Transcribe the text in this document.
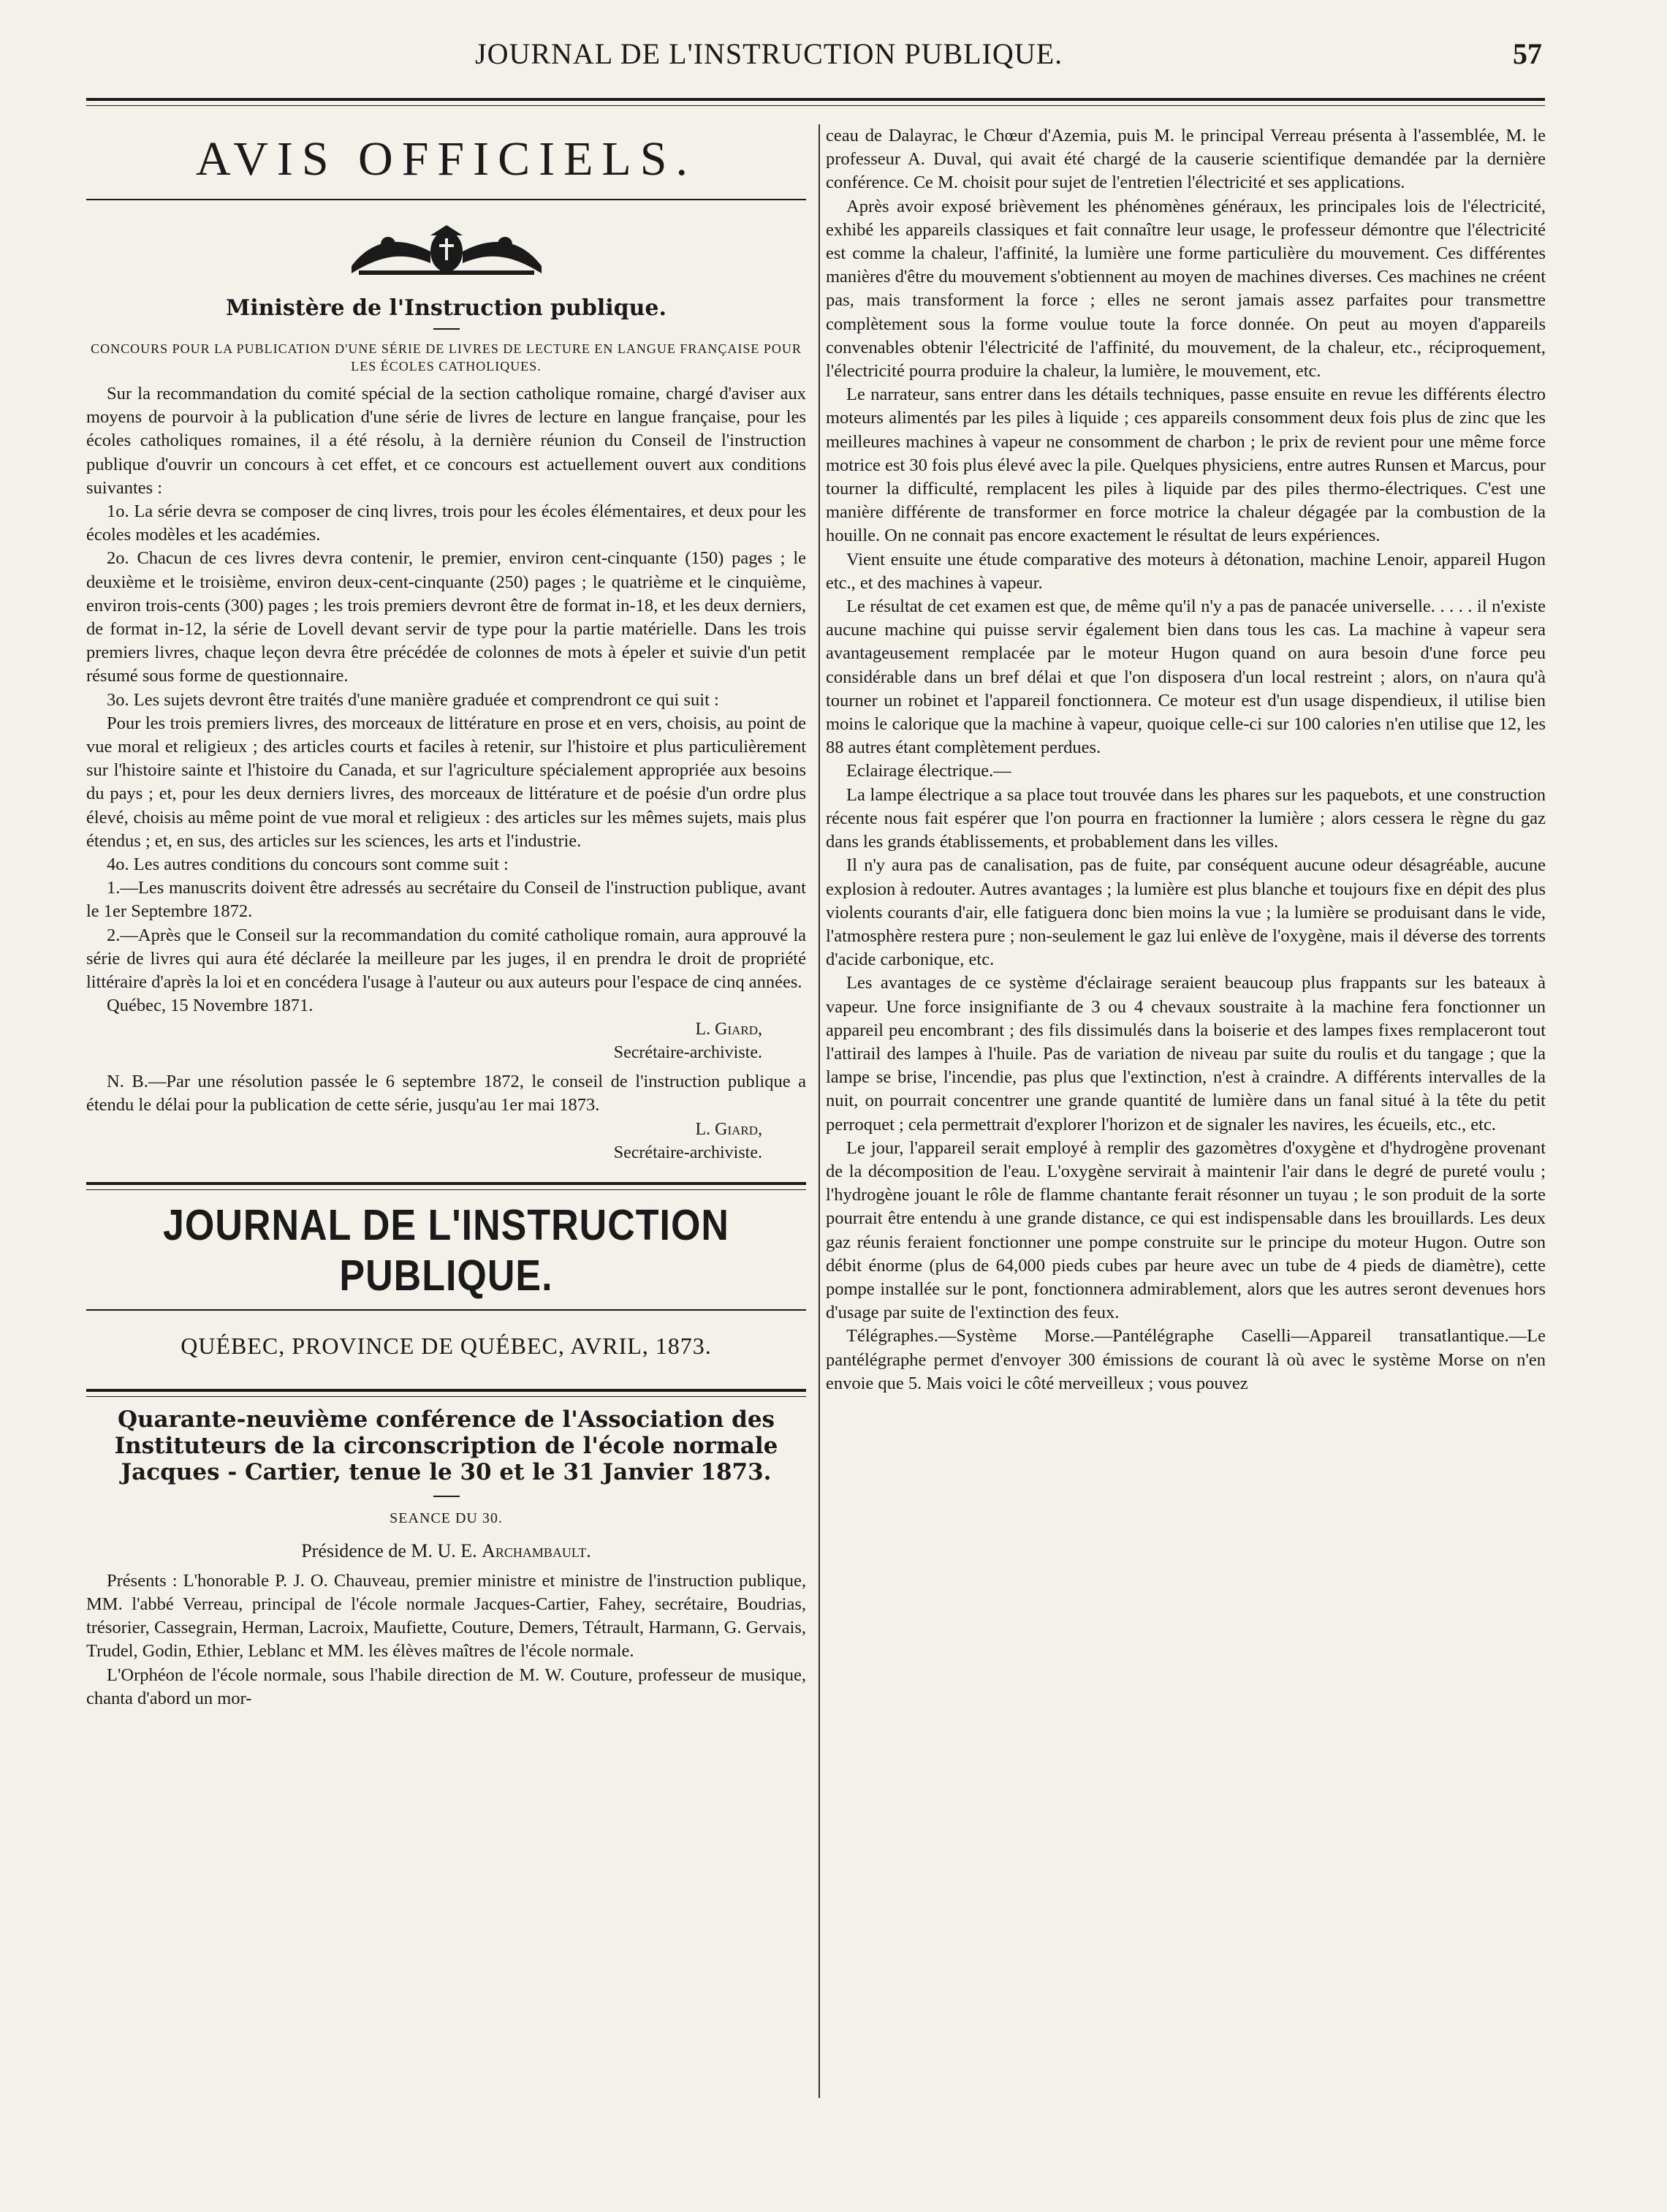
JOURNAL DE L'INSTRUCTION PUBLIQUE.	57
AVIS OFFICIELS.
Ministère de l'Instruction publique.
CONCOURS POUR LA PUBLICATION D'UNE SÉRIE DE LIVRES DE LECTURE EN LANGUE FRANÇAISE POUR LES ÉCOLES CATHOLIQUES.

Sur la recommandation du comité spécial de la section catholique romaine, chargé d'aviser aux moyens de pourvoir à la publication d'une série de livres de lecture en langue française, pour les écoles catholiques romaines, il a été résolu, à la dernière réunion du Conseil de l'instruction publique d'ouvrir un concours à cet effet, et ce concours est actuellement ouvert aux conditions suivantes :

1o. La série devra se composer de cinq livres, trois pour les écoles élémentaires, et deux pour les écoles modèles et les académies.

2o. Chacun de ces livres devra contenir, le premier, environ cent-cinquante (150) pages ; le deuxième et le troisième, environ deux-cent-cinquante (250) pages ; le quatrième et le cinquième, environ trois-cents (300) pages ; les trois premiers devront être de format in-18, et les deux derniers, de format in-12, la série de Lovell devant servir de type pour la partie matérielle. Dans les trois premiers livres, chaque leçon devra être précédée de colonnes de mots à épeler et suivie d'un petit résumé sous forme de questionnaire.

3o. Les sujets devront être traités d'une manière graduée et comprendront ce qui suit :

Pour les trois premiers livres, des morceaux de littérature en prose et en vers, choisis, au point de vue moral et religieux ; des articles courts et faciles à retenir, sur l'histoire et plus particulièrement sur l'histoire sainte et l'histoire du Canada, et sur l'agriculture spécialement appropriée aux besoins du pays ; et, pour les deux derniers livres, des morceaux de littérature et de poésie d'un ordre plus élevé, choisis au même point de vue moral et religieux : des articles sur les mêmes sujets, mais plus étendus ; et, en sus, des articles sur les sciences, les arts et l'industrie.

4o. Les autres conditions du concours sont comme suit :

1.—Les manuscrits doivent être adressés au secrétaire du Conseil de l'instruction publique, avant le 1er Septembre 1872.

2.—Après que le Conseil sur la recommandation du comité catholique romain, aura approuvé la série de livres qui aura été déclarée la meilleure par les juges, il en prendra le droit de propriété littéraire d'après la loi et en concédera l'usage à l'auteur ou aux auteurs pour l'espace de cinq années.

Québec, 15 Novembre 1871.
L. Giard,
Secrétaire-archiviste.

N. B.—Par une résolution passée le 6 septembre 1872, le conseil de l'instruction publique a étendu le délai pour la publication de cette série, jusqu'au 1er mai 1873.

L. Giard,
Secrétaire-archiviste.
JOURNAL DE L'INSTRUCTION PUBLIQUE.
QUÉBEC, PROVINCE DE QUÉBEC, AVRIL, 1873.
Quarante-neuvième conférence de l'Association des Instituteurs de la circonscription de l'école normale Jacques - Cartier, tenue le 30 et le 31 Janvier 1873.
SEANCE DU 30.
Présidence de M. U. E. Archambault.

Présents : L'honorable P. J. O. Chauveau, premier ministre et ministre de l'instruction publique, MM. l'abbé Verreau, principal de l'école normale Jacques-Cartier, Fahey, secrétaire, Boudrias, trésorier, Cassegrain, Herman, Lacroix, Maufiette, Couture, Demers, Tétrault, Harmann, G. Gervais, Trudel, Godin, Ethier, Leblanc et MM. les élèves maîtres de l'école normale.

L'Orphéon de l'école normale, sous l'habile direction de M. W. Couture, professeur de musique, chanta d'abord un mor-

ceau de Dalayrac, le Chœur d'Azemia, puis M. le principal Verreau présenta à l'assemblée, M. le professeur A. Duval, qui avait été chargé de la causerie scientifique demandée par la dernière conférence. Ce M. choisit pour sujet de l'entretien l'électricité et ses applications.

Après avoir exposé brièvement les phénomènes généraux, les principales lois de l'électricité, exhibé les appareils classiques et fait connaître leur usage, le professeur démontre que l'électricité est comme la chaleur, l'affinité, la lumière une forme particulière du mouvement. Ces différentes manières d'être du mouvement s'obtiennent au moyen de machines diverses. Ces machines ne créent pas, mais transforment la force ; elles ne seront jamais assez parfaites pour transmettre complètement sous la forme voulue toute la force donnée. On peut au moyen d'appareils convenables obtenir l'électricité de l'affinité, du mouvement, de la chaleur, etc., réciproquement, l'électricité pourra produire la chaleur, la lumière, le mouvement, etc.

Le narrateur, sans entrer dans les détails techniques, passe ensuite en revue les différents électro moteurs alimentés par les piles à liquide ; ces appareils consomment deux fois plus de zinc que les meilleures machines à vapeur ne consomment de charbon ; le prix de revient pour une même force motrice est 30 fois plus élevé avec la pile. Quelques physiciens, entre autres Runsen et Marcus, pour tourner la difficulté, remplacent les piles à liquide par des piles thermo-électriques. C'est une manière différente de transformer en force motrice la chaleur dégagée par la combustion de la houille. On ne connait pas encore exactement le résultat de leurs expériences.

Vient ensuite une étude comparative des moteurs à détonation, machine Lenoir, appareil Hugon etc., et des machines à vapeur.

Le résultat de cet examen est que, de même qu'il n'y a pas de panacée universelle. . . . . il n'existe aucune machine qui puisse servir également bien dans tous les cas. La machine à vapeur sera avantageusement remplacée par le moteur Hugon quand on aura besoin d'une force peu considérable dans un bref délai et que l'on disposera d'un local restreint ; alors, on n'aura qu'à tourner un robinet et l'appareil fonctionnera. Ce moteur est d'un usage dispendieux, il utilise bien moins le calorique que la machine à vapeur, quoique celle-ci sur 100 calories n'en utilise que 12, les 88 autres étant complètement perdues.

Eclairage électrique.—

La lampe électrique a sa place tout trouvée dans les phares sur les paquebots, et une construction récente nous fait espérer que l'on pourra en fractionner la lumière ; alors cessera le règne du gaz dans les grands établissements, et probablement dans les villes.

Il n'y aura pas de canalisation, pas de fuite, par conséquent aucune odeur désagréable, aucune explosion à redouter. Autres avantages ; la lumière est plus blanche et toujours fixe en dépit des plus violents courants d'air, elle fatiguera donc bien moins la vue ; la lumière se produisant dans le vide, l'atmosphère restera pure ; non-seulement le gaz lui enlève de l'oxygène, mais il déverse des torrents d'acide carbonique, etc.

Les avantages de ce système d'éclairage seraient beaucoup plus frappants sur les bateaux à vapeur. Une force insignifiante de 3 ou 4 chevaux soustraite à la machine fera fonctionner un appareil peu encombrant ; des fils dissimulés dans la boiserie et des lampes fixes remplaceront tout l'attirail des lampes à l'huile. Pas de variation de niveau par suite du roulis et du tangage ; que la lampe se brise, l'incendie, pas plus que l'extinction, n'est à craindre. A différents intervalles de la nuit, on pourrait concentrer une grande quantité de lumière dans un fanal situé à la tête du petit perroquet ; cela permettrait d'explorer l'horizon et de signaler les navires, les écueils, etc., etc.

Le jour, l'appareil serait employé à remplir des gazomètres d'oxygène et d'hydrogène provenant de la décomposition de l'eau. L'oxygène servirait à maintenir l'air dans le degré de pureté voulu ; l'hydrogène jouant le rôle de flamme chantante ferait résonner un tuyau ; le son produit de la sorte pourrait être entendu à une grande distance, ce qui est indispensable dans les brouillards. Les deux gaz réunis feraient fonctionner une pompe construite sur le principe du moteur Hugon. Outre son débit énorme (plus de 64,000 pieds cubes par heure avec un tube de 4 pieds de diamètre), cette pompe installée sur le pont, fonctionnera admirablement, alors que les autres seront devenues hors d'usage par suite de l'extinction des feux.

Télégraphes.—Système Morse.—Pantélégraphe Caselli—Appareil transatlantique.—Le pantélégraphe permet d'envoyer 300 émissions de courant là où avec le système Morse on n'en envoie que 5. Mais voici le côté merveilleux ; vous pouvez
